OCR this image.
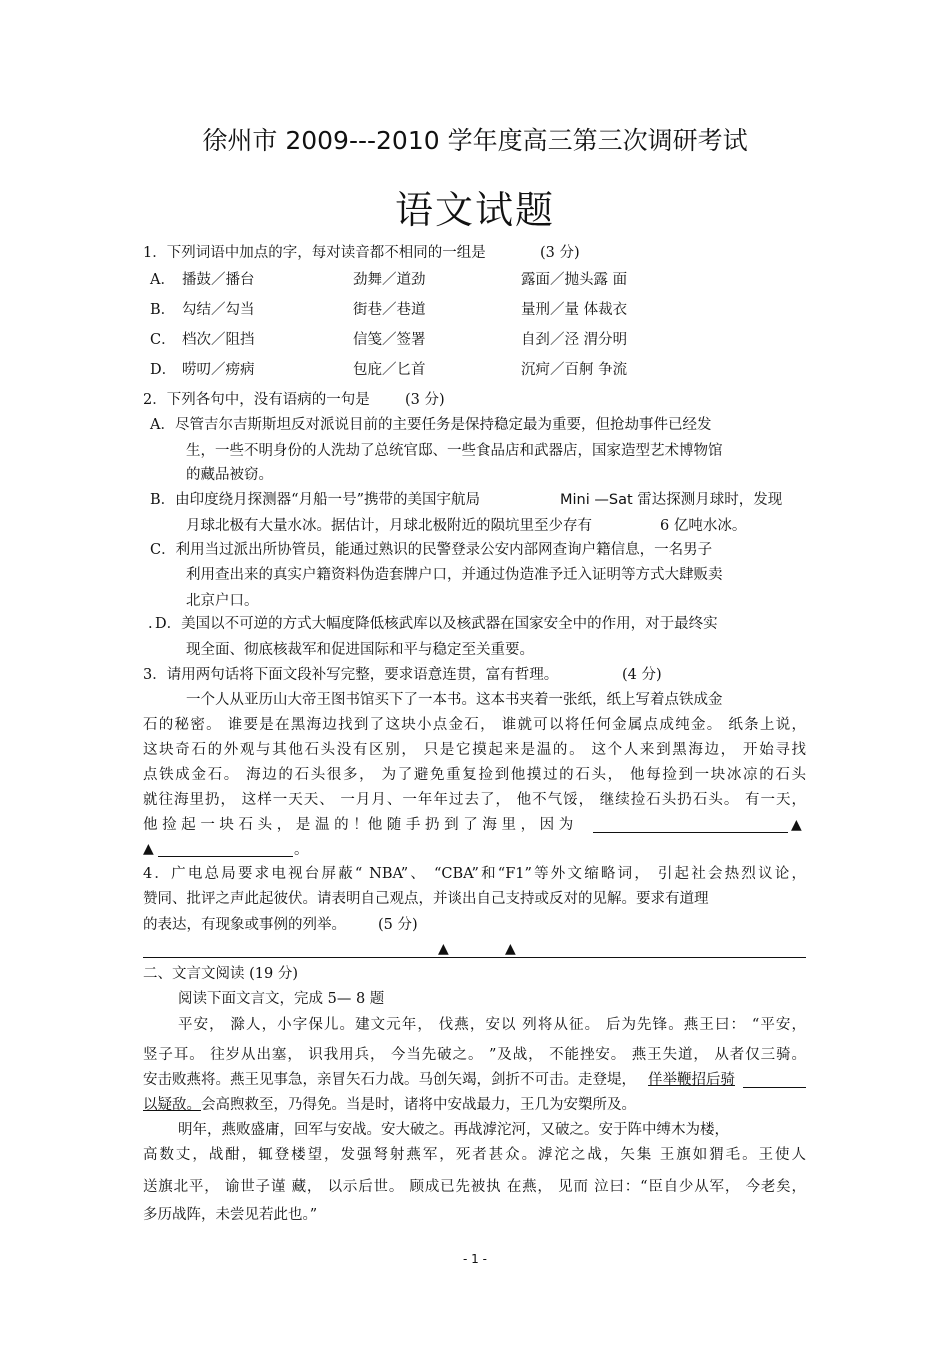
徐州市 2009---2010 学年度高三第三次调研考试
语文试题
1．下列词语中加点的字，每对读音都不相同的一组是	(3 分)
A． 播鼓／播台	劲舞／道劲	露面／抛头露 面
B． 勾结／勾当	街巷／巷道	量刑／量 体裁衣
C． 档次／阻挡	信笺／签署	自刭／泾 渭分明
D． 唠叨／痨病	包庇／匕首	沉疴／百舸 争流
2．下列各句中，没有语病的一句是 (3 分)
A．尽管吉尔吉斯斯坦反对派说目前的主要任务是保持稳定最为重要，但抢劫事件已经发
生，一些不明身份的人洗劫了总统官邸、一些食品店和武器店，国家造型艺术博物馆
的藏品被窃。
B．由印度绕月探测器“月船一号”携带的美国宇航局	Mini —Sat 雷达探测月球时，发现
月球北极有大量水冰。据估计，月球北极附近的陨坑里至少存有	6 亿吨水冰。
C．利用当过派出所协管员，能通过熟识的民警登录公安内部网查询户籍信息，一名男子
利用查出来的真实户籍资料伪造套牌户口，并通过伪造准予迁入证明等方式大肆贩卖
北京户口。
. D．美国以不可逆的方式大幅度降低核武库以及核武器在国家安全中的作用，对于最终实
现全面、彻底核裁军和促进国际和平与稳定至关重要。
3．请用两句话将下面文段补写完整，要求语意连贯，富有哲理。	(4 分)
一个人从亚历山大帝王图书馆买下了一本书。这本书夹着一张纸，纸上写着点铁成金
石的秘密。 谁要是在黑海边找到了这块小点金石， 谁就可以将任何金属点成纯金。 纸条上说，
这块奇石的外观与其他石头没有区别， 只是它摸起来是温的。 这个人来到黑海边， 开始寻找
点铁成金石。 海边的石头很多， 为了避免重复捡到他摸过的石头， 他每捡到一块冰凉的石头
就往海里扔， 这样一天天、 一月月、一年年过去了， 他不气馁， 继续捡石头扔石头。 有一天，
他 捡 起 一 块 石 头 ， 是 温 的 ！他 随 手 扔 到 了 海 里 ， 因 为	▲
▲	。
4．广电总局要求电视台屏蔽“ NBA”、 “CBA”和“F1”等外文缩略词， 引起社会热烈议论，
赞同、批评之声此起彼伏。请表明自己观点，并谈出自己支持或反对的见解。要求有道理
的表达，有现象或事例的列举。 (5 分)
▲	▲
二、文言文阅读 (19 分)
阅读下面文言文，完成 5— 8 题
平安， 滁人，小字保儿。建文元年， 伐燕，安以 列将从征。 后为先锋。燕王曰： “平安，
竖子耳。 往岁从出塞， 识我用兵， 今当先破之。 ”及战， 不能挫安。 燕王失道， 从者仅三骑。
安击败燕将。燕王见事急，亲冒矢石力战。马创矢竭，剑折不可击。走登堤， 佯举鞭招后骑
以疑敌。 会高煦救至，乃得免。当是时，诸将中安战最力，王几为安槊所及。
明年，燕败盛庸，回军与安战。安大破之。再战滹沱河，又破之。安于阵中缚木为楼，
高数丈，战酣，辄登楼望，发强弩射燕军，死者甚众。滹沱之战，矢集 王旗如猬毛。王使人
送旗北平， 谕世子谨 藏， 以示后世。 顾成已先被执 在燕， 见而 泣曰：“臣自少从军， 今老矣，
多历战阵，未尝见若此也。”
- 1 -
